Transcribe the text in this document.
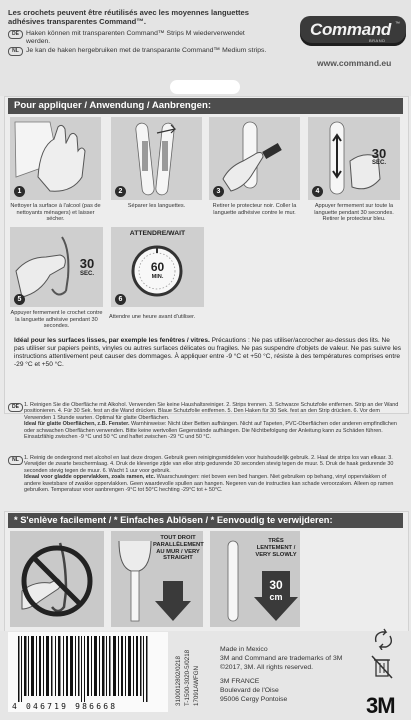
Les crochets peuvent être réutilisés avec les moyennes languettes adhésives transparentes Command™.
DE	Haken können mit transparenten Command™ Strips M wiederverwendet werden.
NL	Je kan de haken hergebruiken met de transparante Command™ Medium strips.
Command ™
BRAND
www.command.eu
Pour appliquer / Anwendung / Aanbrengen:
1
Nettoyer la surface à l'alcool (pas de nettoyants ménagers) et laisser sécher.
2
Séparer les languettes.
3
Retirer le protecteur noir. Coller la languette adhésive contre le mur.
30
SEC.
4
Appuyer fermement sur toute la languette pendant 30 secondes. Retirer le protecteur bleu.
30
SEC.
5
Appuyer fermement le crochet contre la languette adhésive pendant 30 secondes.
ATTENDRE/WAIT
60
MIN.
6
Attendre une heure avant d'utiliser.
Idéal pour les surfaces lisses, par exemple les fenêtres / vitres. Précautions : Ne pas utiliser/accrocher au-dessus des lits. Ne pas utiliser sur papiers peints, vinyles ou autres surfaces délicates ou fragiles. Ne pas suspendre d'objets de valeur. Ne pas suivre les instructions attentivement peut causer des dommages. À appliquer entre -9 °C et +50 °C, résiste à des températures comprises entre -29 °C et +50 °C.
DE 1. Reinigen Sie die Oberfläche mit Alkohol. Verwenden Sie keine Haushaltsreiniger. 2. Strips trennen. 3. Schwarze Schutzfolie entfernen. Strip an der Wand positionieren. 4. Für 30 Sek. fest an die Wand drücken. Blaue Schutzfolie entfernen. 5. Den Haken für 30 Sek. fest an den Strip drücken. 6. Vor dem Verwenden 1 Stunde warten. Optimal für glatte Oberflächen.
Ideal für glatte Oberflächen, z.B. Fenster. Warnhinweise: Nicht über Betten aufhängen. Nicht auf Tapeten, PVC-Oberflächen oder anderen empfindlichen oder schwachen Oberflächen verwenden. Bitte keine wertvollen Gegenstände aufhängen. Die Nichtbefolgung der Anleitung kann zu Schäden führen. Einsatzfähig zwischen -9 °C und 50 °C und haftet zwischen -29 °C und 50 °C.
NL 1. Reinig de ondergrond met alcohol en laat deze drogen. Gebruik geen reinigingsmiddelen voor huishoudelijk gebruik. 2. Haal de strips los van elkaar. 3. Verwijder de zwarte beschermlaag. 4. Druk de kleverige zijde van elke strip gedurende 30 seconden stevig tegen de muur. 5. Druk de haak gedurende 30 seconden stevig tegen de muur. 6. Wacht 1 uur voor gebruik.
Ideaal voor gladde oppervlakken, zoals ramen, etc. Waarschuwingen: niet boven een bed hangen. Niet gebruiken op behang, vinyl oppervlakken of andere kwetsbare of zwakke oppervlakken. Geen waardevolle spullen aan hangen. Negeren van de instructies kan schade veroorzaken. Alleen op ramen gebruiken. Temperatuur voor aanbrengen -9°C tot 50°C hechting -29°C tot + 50°C.
* S'enlève facilement / * Einfaches Ablösen / * Eenvoudig te verwijderen:
TOUT DROIT PARALLÈLEMENT AU MUR / VERY STRAIGHT
TRÈS LENTEMENT / VERY SLOWLY
30
cm
4 046719 986668
3100012802/0218 T-1500-3020-5/0218 17091AWFGN
Made in Mexico
3M and Command are trademarks of 3M
©2017, 3M. All rights reserved.
3M FRANCE
Boulevard de l'Oise
95006 Cergy Pontoise	3M
